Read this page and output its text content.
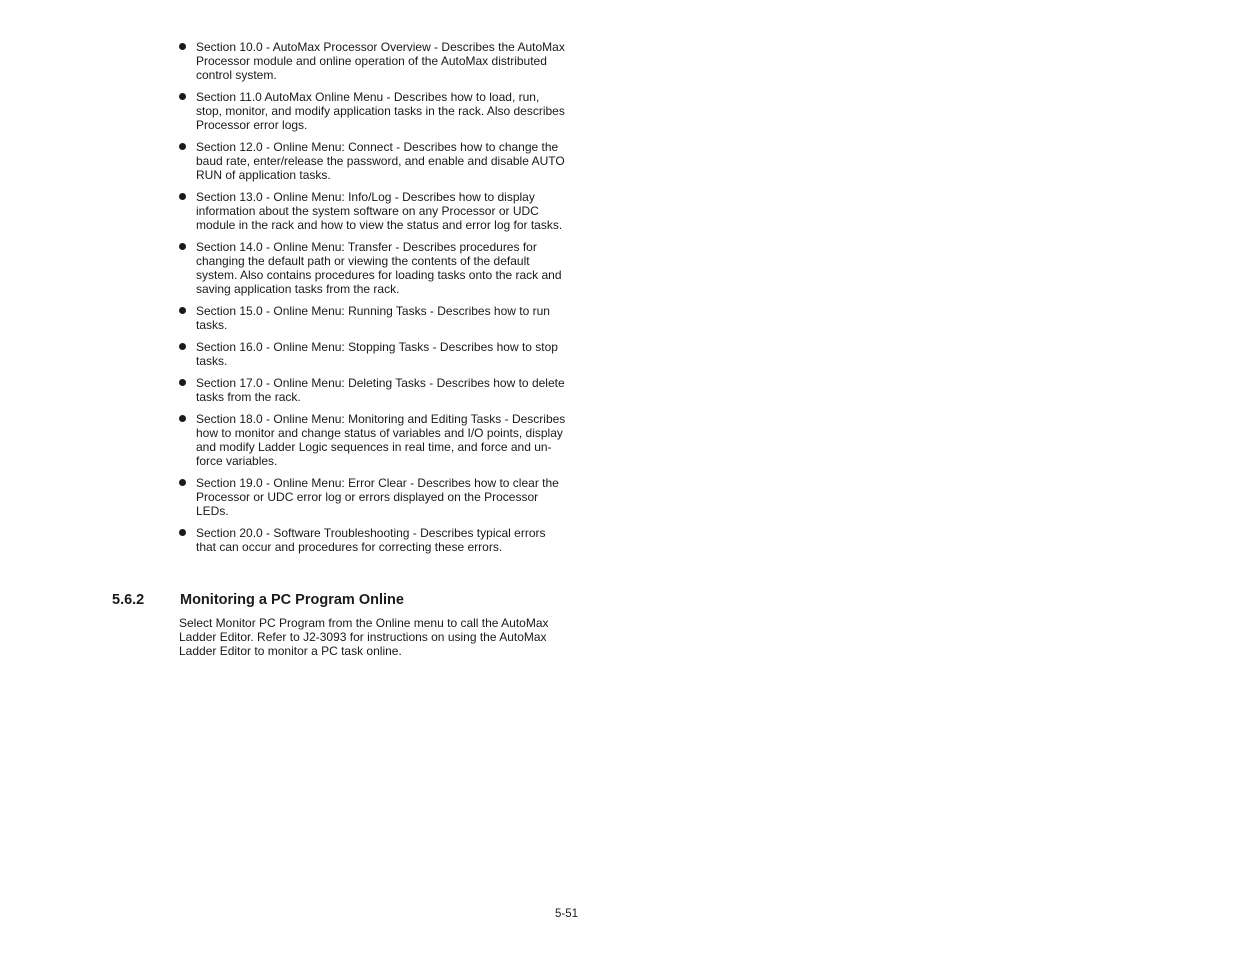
Section 10.0 - AutoMax Processor Overview - Describes the AutoMax Processor module and online operation of the AutoMax distributed control system.
Section 11.0 AutoMax Online Menu - Describes how to load, run, stop, monitor, and modify application tasks in the rack. Also describes Processor error logs.
Section 12.0 - Online Menu: Connect - Describes how to change the baud rate, enter/release the password, and enable and disable AUTO RUN of application tasks.
Section 13.0 - Online Menu: Info/Log - Describes how to display information about the system software on any Processor or UDC module in the rack and how to view the status and error log for tasks.
Section 14.0 - Online Menu: Transfer - Describes procedures for changing the default path or viewing the contents of the default system. Also contains procedures for loading tasks onto the rack and saving application tasks from the rack.
Section 15.0 - Online Menu: Running Tasks - Describes how to run tasks.
Section 16.0 - Online Menu: Stopping Tasks - Describes how to stop tasks.
Section 17.0 - Online Menu: Deleting Tasks - Describes how to delete tasks from the rack.
Section 18.0 - Online Menu: Monitoring and Editing Tasks - Describes how to monitor and change status of variables and I/O points, display and modify Ladder Logic sequences in real time, and force and un-force variables.
Section 19.0 - Online Menu: Error Clear - Describes how to clear the Processor or UDC error log or errors displayed on the Processor LEDs.
Section 20.0 - Software Troubleshooting - Describes typical errors that can occur and procedures for correcting these errors.
5.6.2 Monitoring a PC Program Online

Select Monitor PC Program from the Online menu to call the AutoMax Ladder Editor. Refer to J2-3093 for instructions on using the AutoMax Ladder Editor to monitor a PC task online.

5-51
